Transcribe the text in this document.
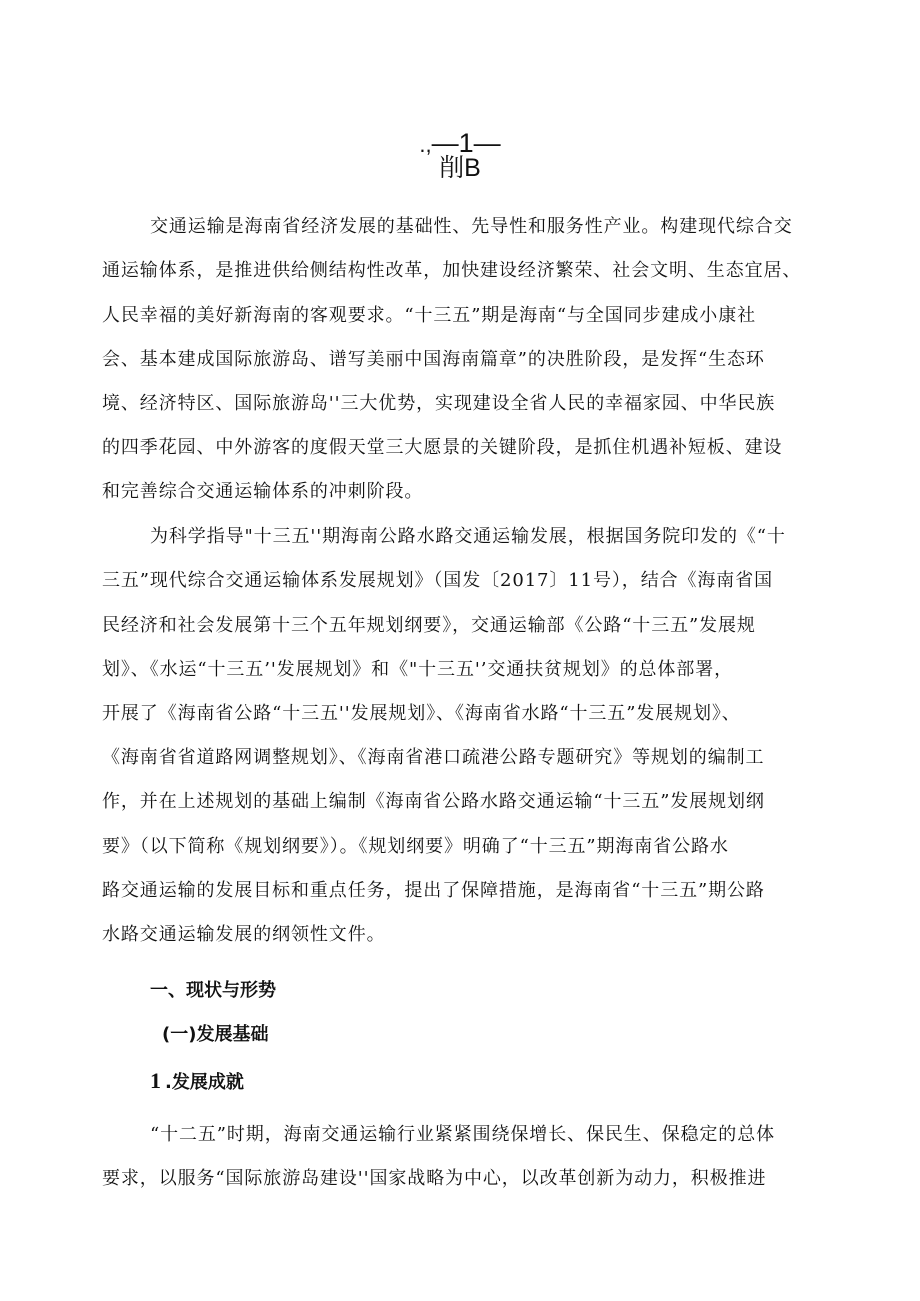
.,—1—
削B
交通运输是海南省经济发展的基础性、先导性和服务性产业。构建现代综合交
通运输体系，是推进供给侧结构性改革，加快建设经济繁荣、社会文明、生态宜居、
人民幸福的美好新海南的客观要求。“十三五”期是海南“与全国同步建成小康社
会、基本建成国际旅游岛、谱写美丽中国海南篇章”的决胜阶段，是发挥“生态环
境、经济特区、国际旅游岛''三大优势，实现建设全省人民的幸福家园、中华民族
的四季花园、中外游客的度假天堂三大愿景的关键阶段，是抓住机遇补短板、建设
和完善综合交通运输体系的冲刺阶段。
为科学指导"十三五''期海南公路水路交通运输发展，根据国务院印发的《“十
三五”现代综合交通运输体系发展规划》（国发〔2017〕11号），结合《海南省国
民经济和社会发展第十三个五年规划纲要》，交通运输部《公路“十三五”发展规
划》、《水运“十三五’'发展规划》和《"十三五'’交通扶贫规划》的总体部署，
开展了《海南省公路“十三五''发展规划》、《海南省水路“十三五”发展规划》、
《海南省省道路网调整规划》、《海南省港口疏港公路专题研究》等规划的编制工
作，并在上述规划的基础上编制《海南省公路水路交通运输“十三五”发展规划纲
要》（以下简称《规划纲要》）。《规划纲要》明确了“十三五”期海南省公路水
路交通运输的发展目标和重点任务，提出了保障措施，是海南省“十三五”期公路
水路交通运输发展的纲领性文件。
一、现状与形势
(一)发展基础
1 .发展成就
“十二五”时期，海南交通运输行业紧紧围绕保增长、保民生、保稳定的总体
要求，以服务“国际旅游岛建设''国家战略为中心，以改革创新为动力，积极推进
